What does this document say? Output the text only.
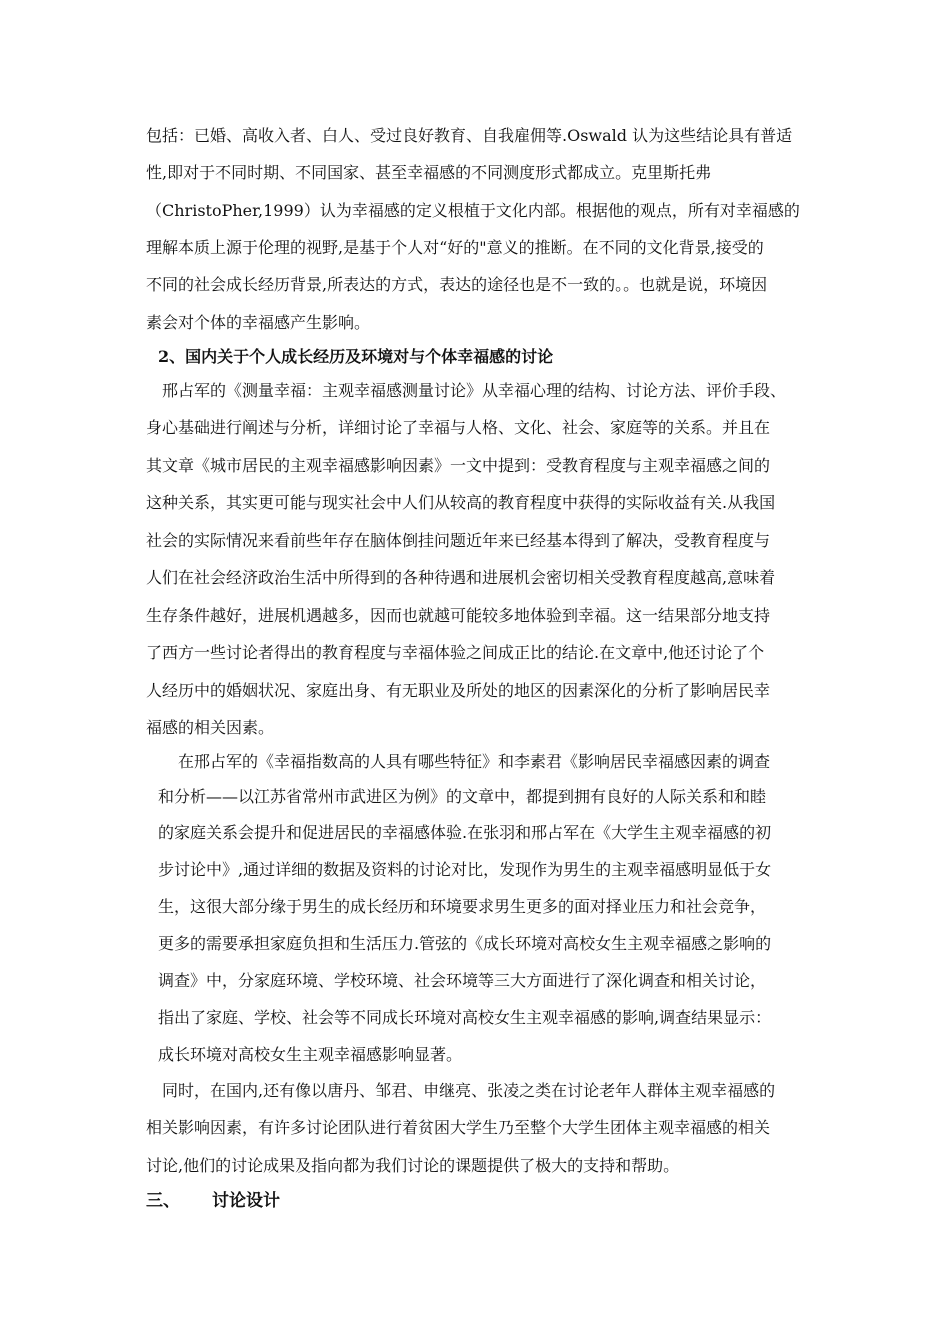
包括：已婚、高收入者、白人、受过良好教育、自我雇佣等.Oswald 认为这些结论具有普适
性,即对于不同时期、不同国家、甚至幸福感的不同测度形式都成立。克里斯托弗
（ChristoPher,1999）认为幸福感的定义根植于文化内部。根据他的观点，所有对幸福感的
理解本质上源于伦理的视野,是基于个人对“好的"意义的推断。在不同的文化背景,接受的
不同的社会成长经历背景,所表达的方式，表达的途径也是不一致的。。也就是说，环境因
素会对个体的幸福感产生影响。
2、国内关于个人成长经历及环境对与个体幸福感的讨论
邢占军的《测量幸福：主观幸福感测量讨论》从幸福心理的结构、讨论方法、评价手段、
身心基础进行阐述与分析，详细讨论了幸福与人格、文化、社会、家庭等的关系。并且在
其文章《城市居民的主观幸福感影响因素》一文中提到：受教育程度与主观幸福感之间的
这种关系，其实更可能与现实社会中人们从较高的教育程度中获得的实际收益有关.从我国
社会的实际情况来看前些年存在脑体倒挂问题近年来已经基本得到了解决，受教育程度与
人们在社会经济政治生活中所得到的各种待遇和进展机会密切相关受教育程度越高,意味着
生存条件越好，进展机遇越多，因而也就越可能较多地体验到幸福。这一结果部分地支持
了西方一些讨论者得出的教育程度与幸福体验之间成正比的结论.在文章中,他还讨论了个
人经历中的婚姻状况、家庭出身、有无职业及所处的地区的因素深化的分析了影响居民幸
福感的相关因素。
在邢占军的《幸福指数高的人具有哪些特征》和李素君《影响居民幸福感因素的调查
和分析——以江苏省常州市武进区为例》的文章中，都提到拥有良好的人际关系和和睦
的家庭关系会提升和促进居民的幸福感体验.在张羽和邢占军在《大学生主观幸福感的初
步讨论中》,通过详细的数据及资料的讨论对比，发现作为男生的主观幸福感明显低于女
生，这很大部分缘于男生的成长经历和环境要求男生更多的面对择业压力和社会竞争，
更多的需要承担家庭负担和生活压力.管弦的《成长环境对高校女生主观幸福感之影响的
调查》中，分家庭环境、学校环境、社会环境等三大方面进行了深化调查和相关讨论，
指出了家庭、学校、社会等不同成长环境对高校女生主观幸福感的影响,调查结果显示：
成长环境对高校女生主观幸福感影响显著。
同时，在国内,还有像以唐丹、邹君、申继亮、张凌之类在讨论老年人群体主观幸福感的
相关影响因素，有许多讨论团队进行着贫困大学生乃至整个大学生团体主观幸福感的相关
讨论,他们的讨论成果及指向都为我们讨论的课题提供了极大的支持和帮助。
三、 讨论设计
